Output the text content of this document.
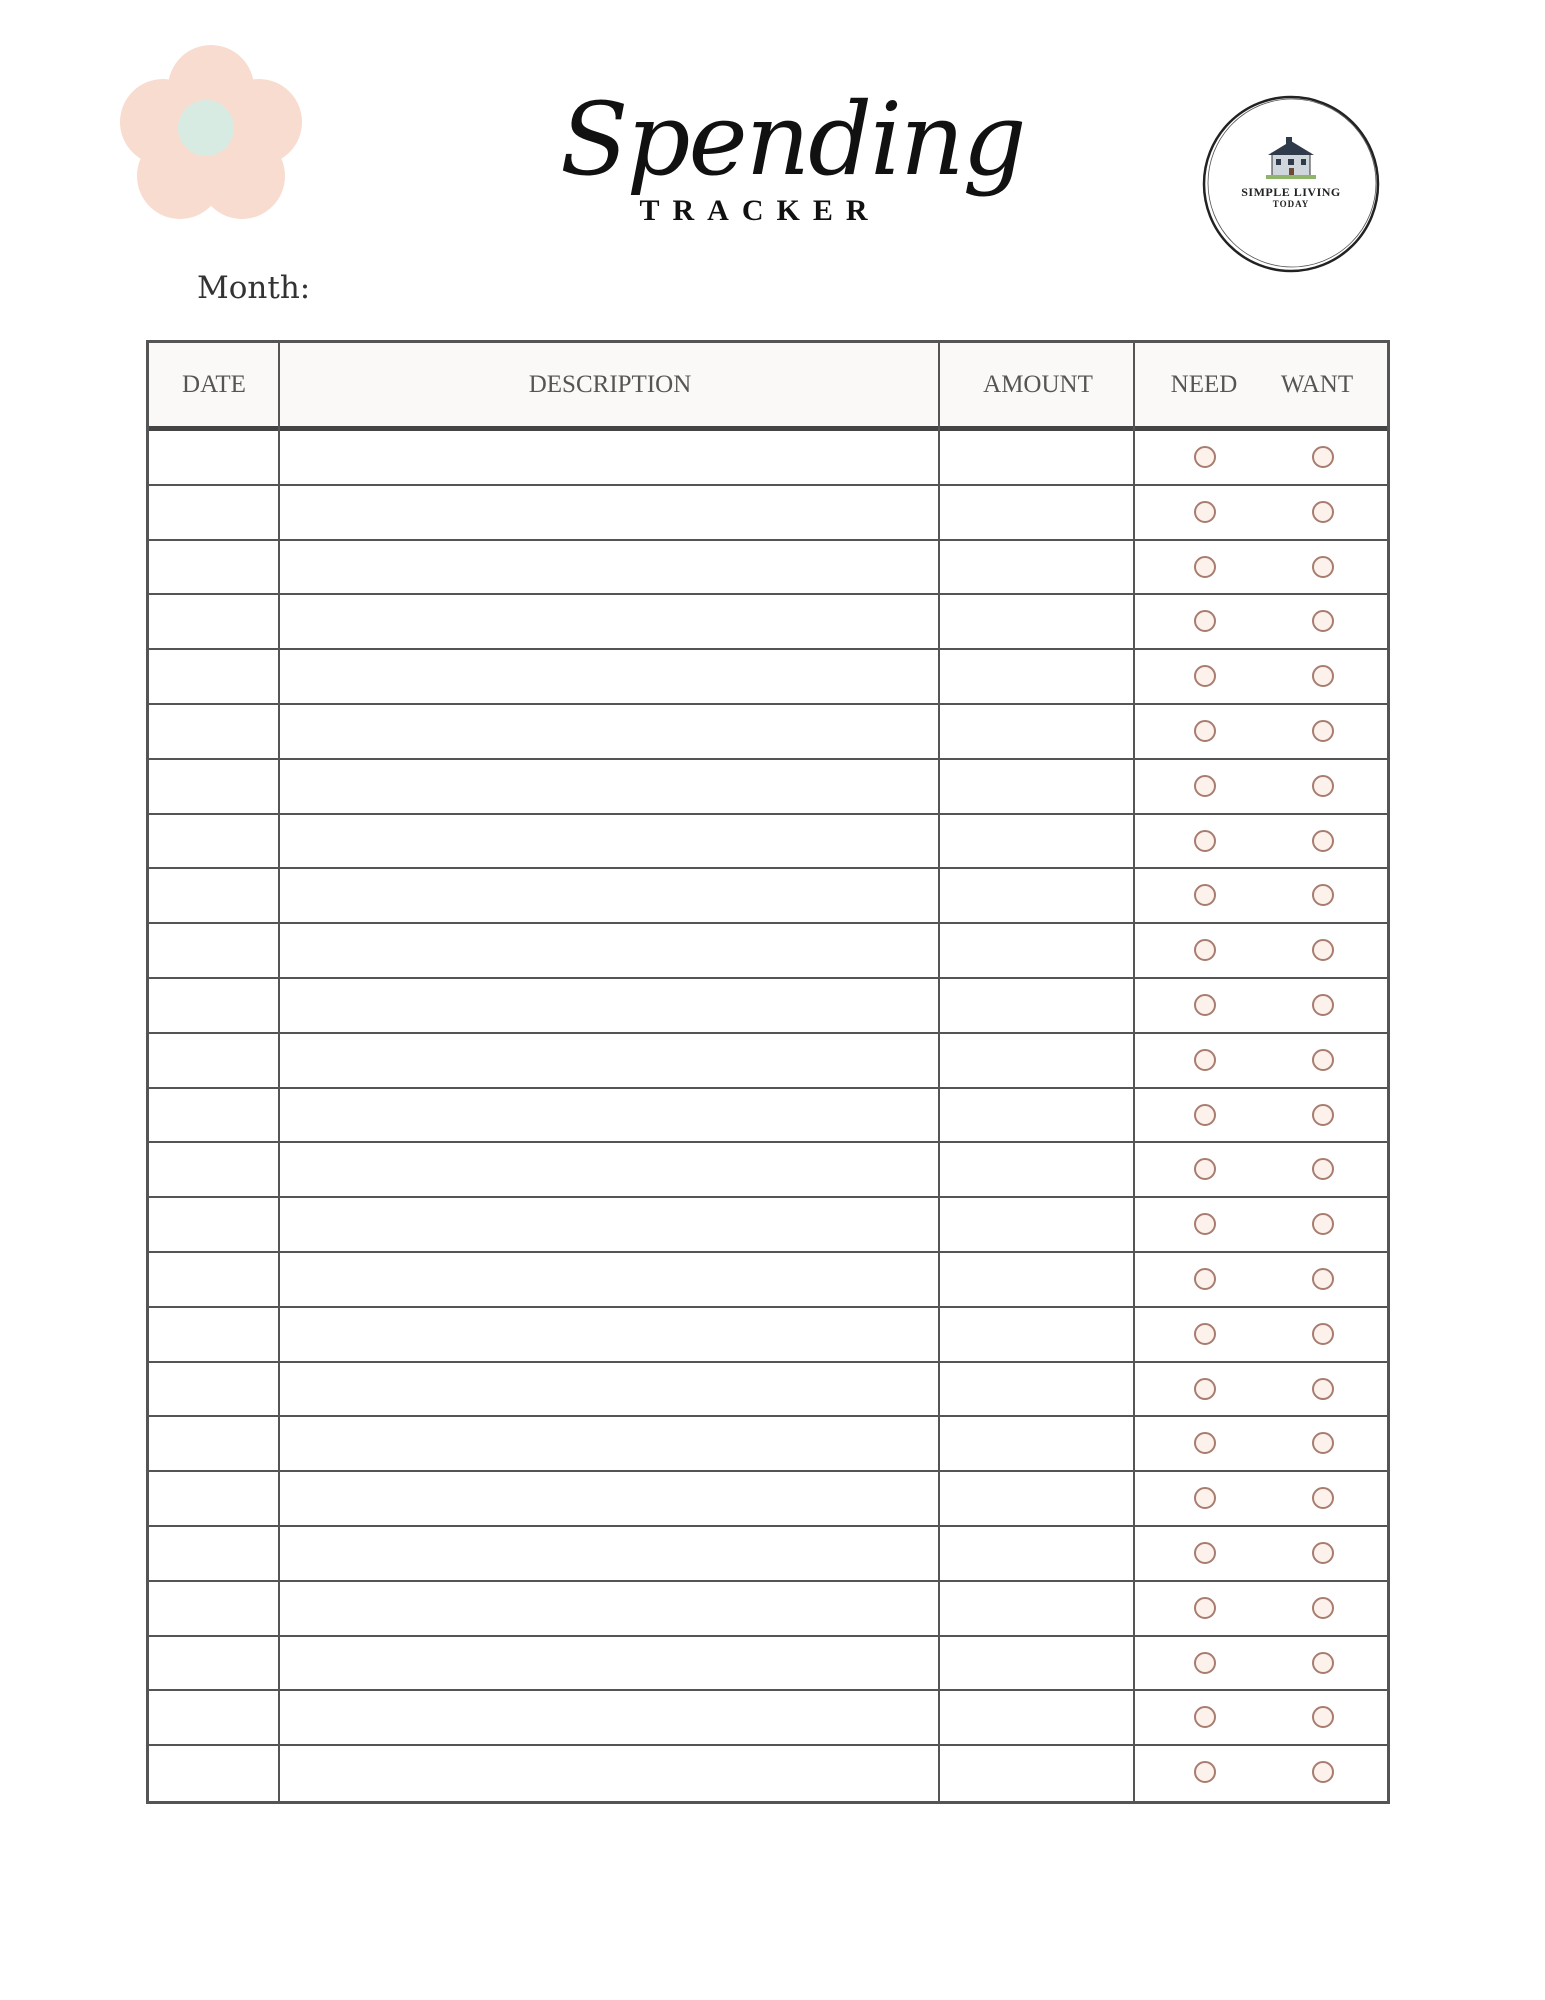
Spending
TRACKER
SIMPLE LIVING
TODAY
Month:
DATE	DESCRIPTION	AMOUNT	NEED	WANT
